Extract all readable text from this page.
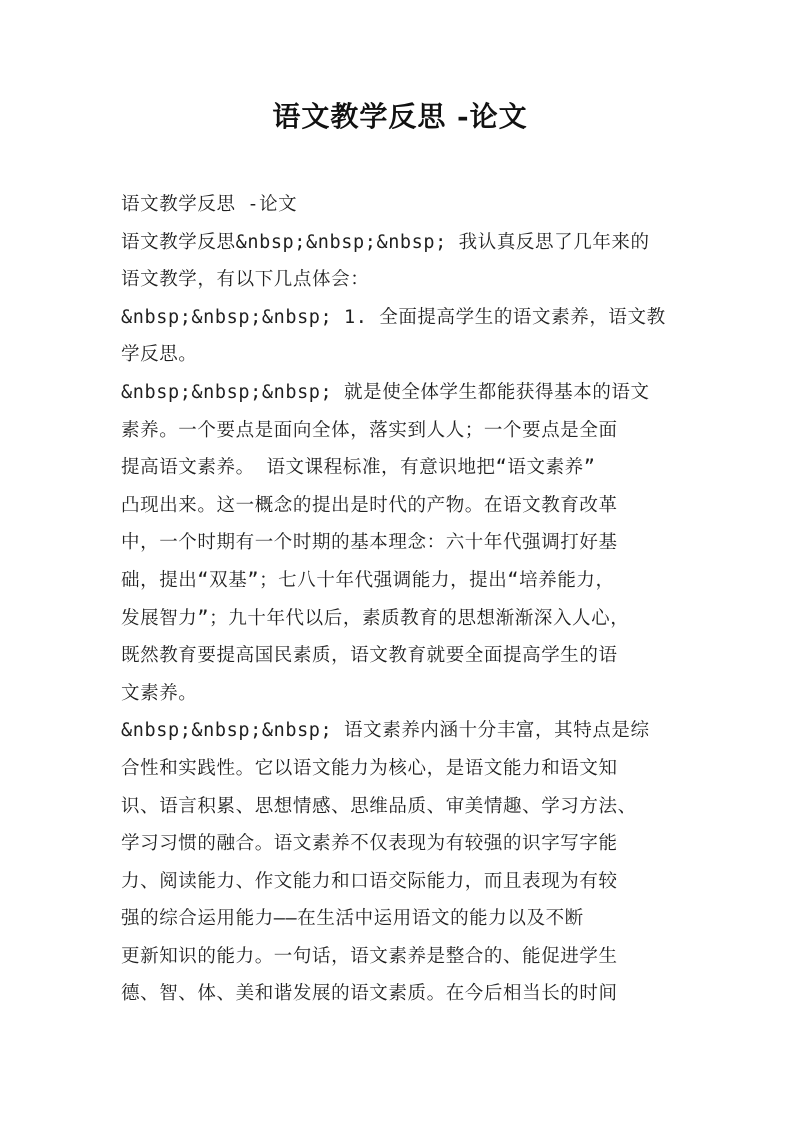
语文教学反思 -论文
语文教学反思 -论文
语文教学反思&nbsp;&nbsp;&nbsp; 我认真反思了几年来的
语文教学，有以下几点体会：
&nbsp;&nbsp;&nbsp; 1. 全面提高学生的语文素养，语文教
学反思。
&nbsp;&nbsp;&nbsp; 就是使全体学生都能获得基本的语文
素养。一个要点是面向全体，落实到人人；一个要点是全面
提高语文素养。 语文课程标准，有意识地把“语文素养”
凸现出来。这一概念的提出是时代的产物。在语文教育改革
中，一个时期有一个时期的基本理念：六十年代强调打好基
础，提出“双基”；七八十年代强调能力，提出“培养能力，
发展智力”；九十年代以后，素质教育的思想渐渐深入人心，
既然教育要提高国民素质，语文教育就要全面提高学生的语
文素养。
&nbsp;&nbsp;&nbsp; 语文素养内涵十分丰富，其特点是综
合性和实践性。它以语文能力为核心，是语文能力和语文知
识、语言积累、思想情感、思维品质、审美情趣、学习方法、
学习习惯的融合。语文素养不仅表现为有较强的识字写字能
力、阅读能力、作文能力和口语交际能力，而且表现为有较
强的综合运用能力——在生活中运用语文的能力以及不断
更新知识的能力。一句话，语文素养是整合的、能促进学生
德、智、体、美和谐发展的语文素质。在今后相当长的时间
